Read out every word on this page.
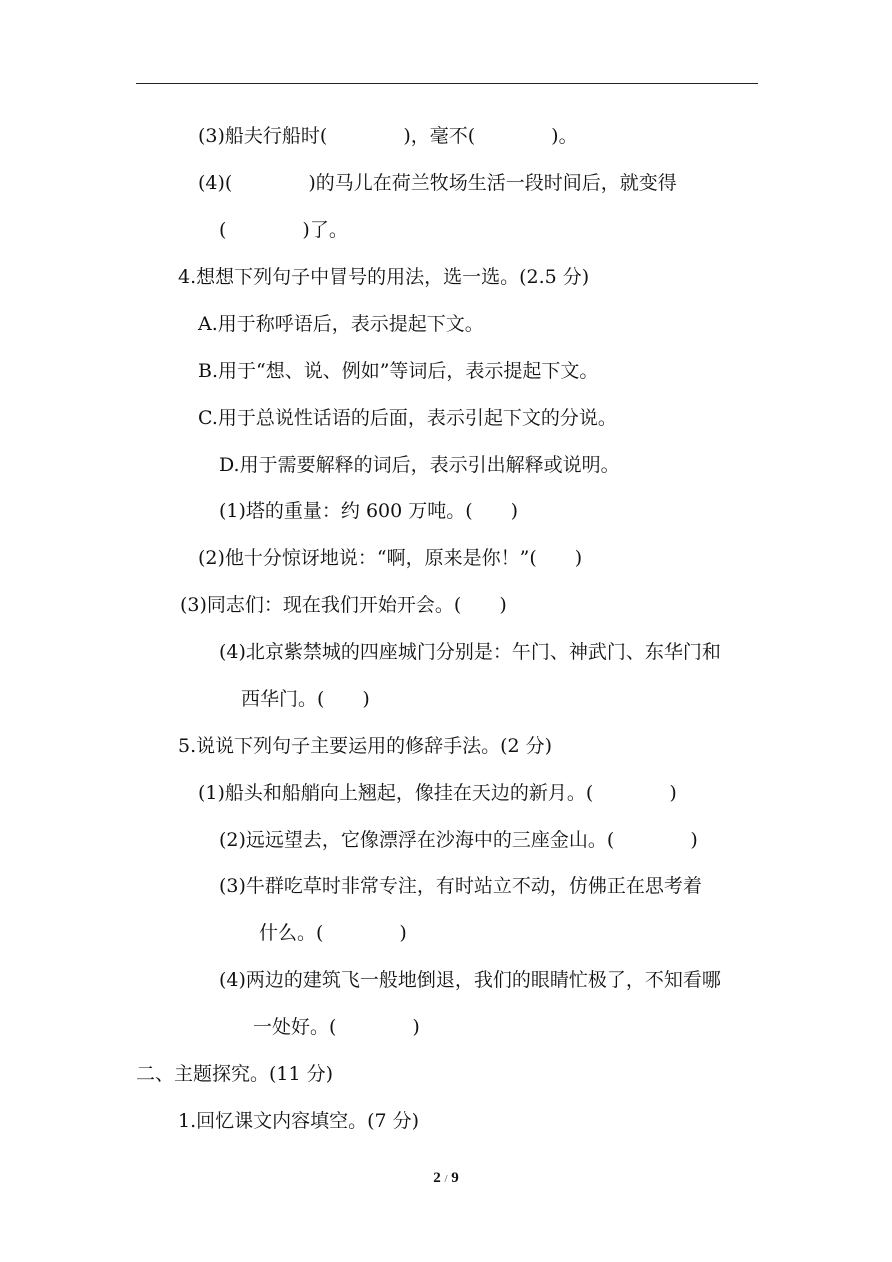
(3)船夫行船时(　　　　)，毫不(　　　　)。
(4)(　　　　)的马儿在荷兰牧场生活一段时间后，就变得
(　　　　)了。
4.想想下列句子中冒号的用法，选一选。(2.5 分)
A.用于称呼语后，表示提起下文。
B.用于“想、说、例如”等词后，表示提起下文。
C.用于总说性话语的后面，表示引起下文的分说。
D.用于需要解释的词后，表示引出解释或说明。
(1)塔的重量：约 600 万吨。(　　)
(2)他十分惊讶地说：“啊，原来是你！”(　　)
(3)同志们：现在我们开始开会。(　　)
(4)北京紫禁城的四座城门分别是：午门、神武门、东华门和
西华门。(　　)
5.说说下列句子主要运用的修辞手法。(2 分)
(1)船头和船艄向上翘起，像挂在天边的新月。(　　　　)
(2)远远望去，它像漂浮在沙海中的三座金山。(　　　　)
(3)牛群吃草时非常专注，有时站立不动，仿佛正在思考着
什么。(　　　　)
(4)两边的建筑飞一般地倒退，我们的眼睛忙极了，不知看哪
一处好。(　　　　)
二、主题探究。(11 分)
1.回忆课文内容填空。(7 分)
2 / 9
